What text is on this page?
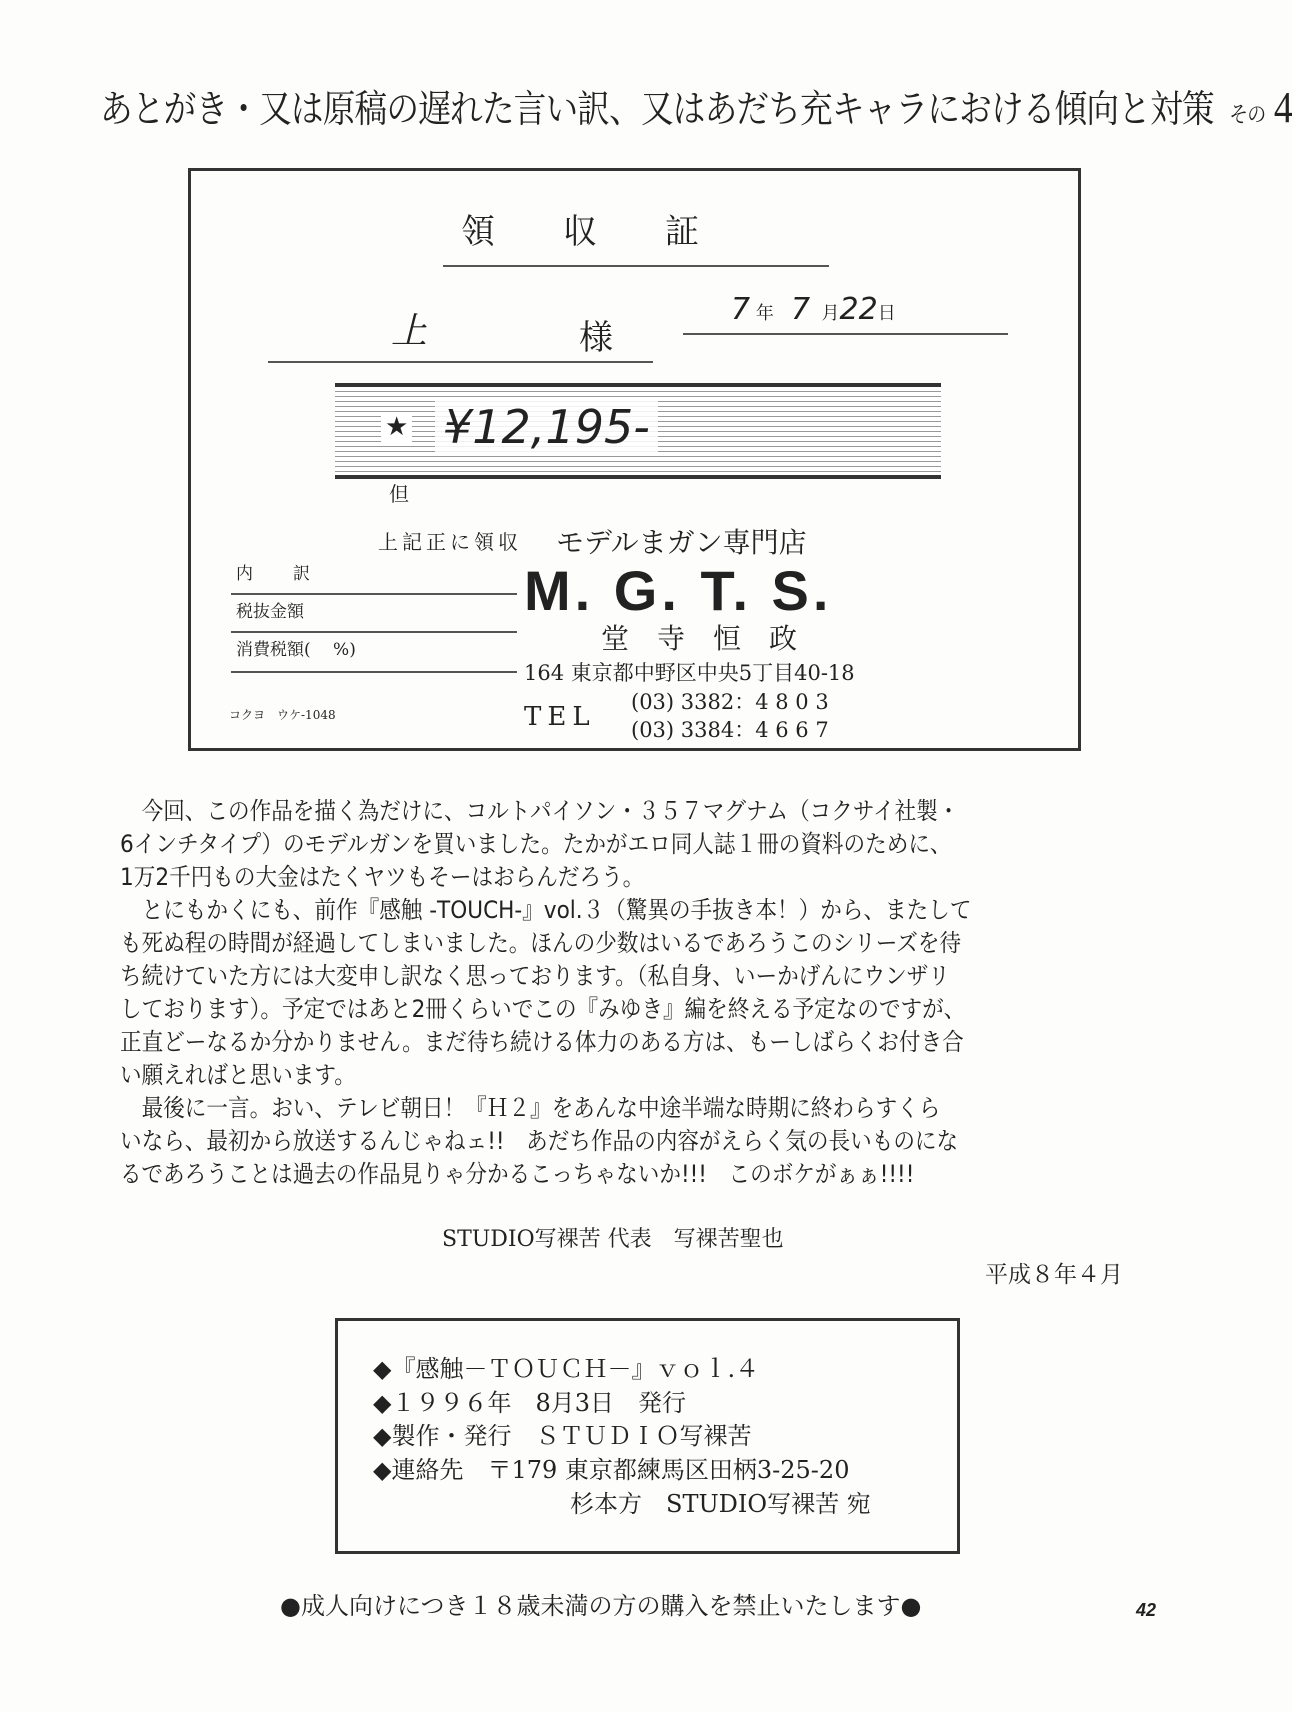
あとがき・又は原稿の遅れた言い訳、又はあだち充キャラにおける傾向と対策 その 4
領　　収　　証
上	様
7 年 7 月22日
★ ¥12,195-
但
上記正に領収 モデルまガン専門店
内　　訳
税抜金額
消費税額(　 %)
コクヨ　ウケ-1048
M. G. T. S.
堂　寺　恒　政
164 東京都中野区中央5丁目40-18
TEL (03) 3382：4 8 0 3
(03) 3384：4 6 6 7
　今回、この作品を描く為だけに、コルトパイソン・３５７マグナム（コクサイ社製・
6インチタイプ）のモデルガンを買いました。たかがエロ同人誌１冊の資料のために、
1万2千円もの大金はたくヤツもそーはおらんだろう。
　とにもかくにも、前作『感触 -TOUCH-』vol.３（驚異の手抜き本！）から、またして
も死ぬ程の時間が経過してしまいました。ほんの少数はいるであろうこのシリーズを待
ち続けていた方には大変申し訳なく思っております。（私自身、いーかげんにウンザリ
しております）。予定ではあと2冊くらいでこの『みゆき』編を終える予定なのですが、
正直どーなるか分かりません。まだ待ち続ける体力のある方は、もーしばらくお付き合
い願えればと思います。
　最後に一言。おい、テレビ朝日！『Ｈ２』をあんな中途半端な時期に終わらすくら
いなら、最初から放送するんじゃねェ!!　あだち作品の内容がえらく気の長いものにな
るであろうことは過去の作品見りゃ分かるこっちゃないか!!!　このボケがぁぁ!!!!
STUDIO写裸苦 代表　写裸苦聖也
平成８年４月
◆『感触－ＴＯＵＣＨ－』ｖｏｌ.４
◆１９９６年　8月3日　発行
◆製作・発行　ＳＴＵＤＩＯ写裸苦
◆連絡先　〒179 東京都練馬区田柄3-25-20
杉本方　STUDIO写裸苦 宛
●成人向けにつき１８歳未満の方の購入を禁止いたします●	42
